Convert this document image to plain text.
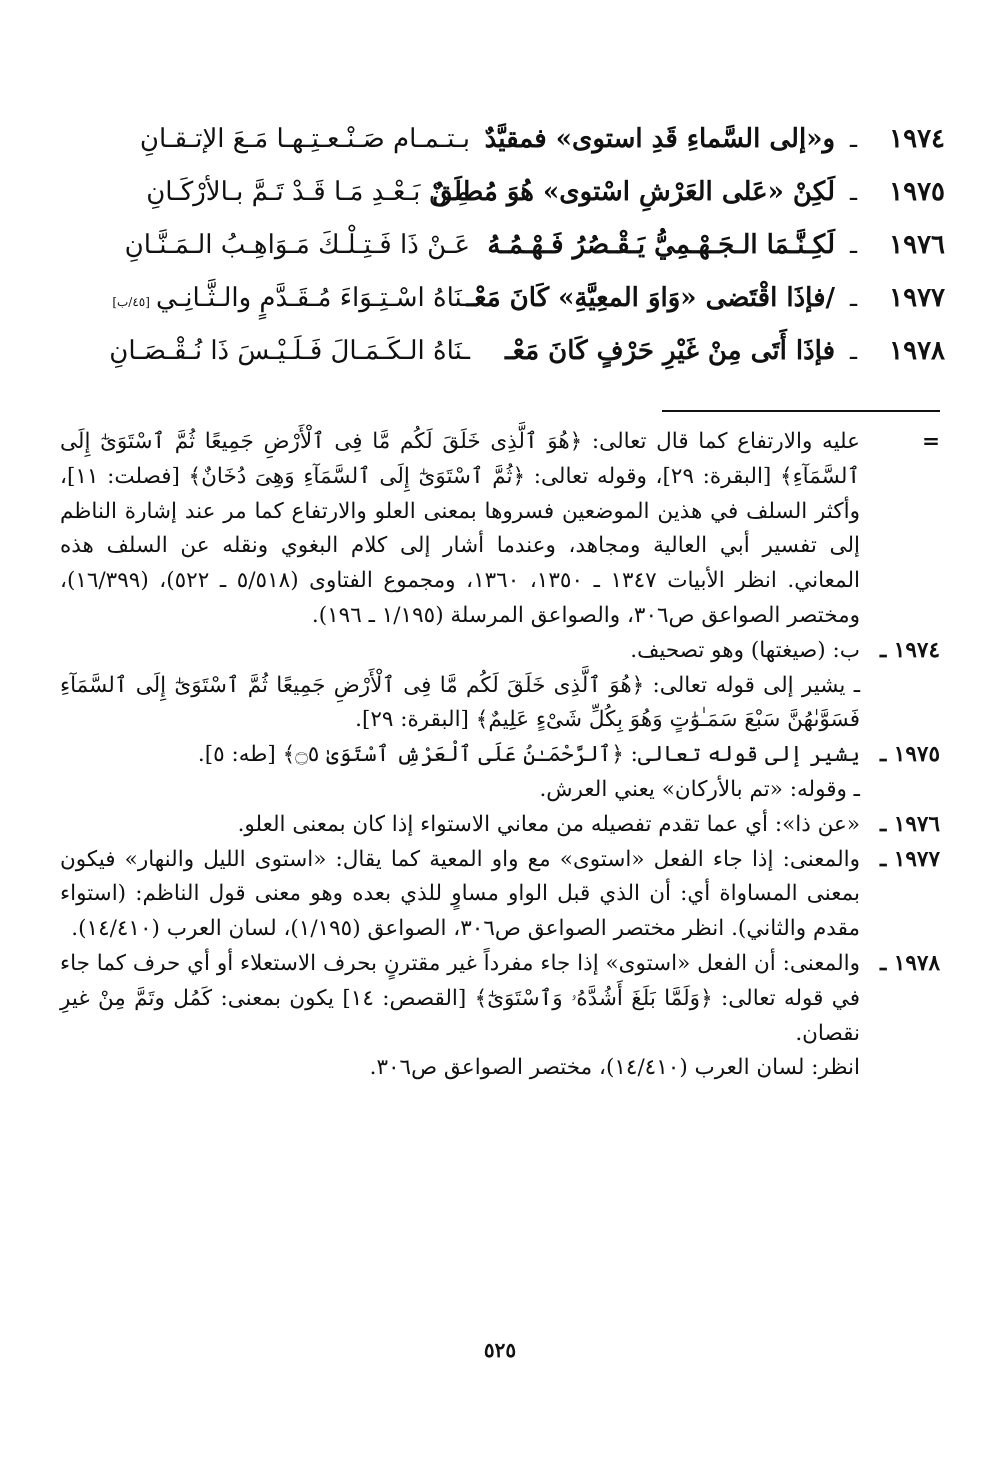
١٩٧٤
ـ
و«إلى السَّماءِ قَدِ استوى» فمقيَّدٌ
بـتـمـام صَـنْـعـتِـهـا مَـعَ الإتـقـانِ
١٩٧٥
ـ
لَكِنْ «عَلى العَرْشِ اسْتوى» هُوَ مُطلَقٌ
مِـنْ بَـعْـدِ مَـا قَـدْ تَـمَّ بـالأرْكَـانِ
١٩٧٦
ـ
لَكِـنَّـمَا الـجَـهْـمِيُّ يَـقْـصُرُ فَـهْـمُـهُ
عَـنْ ذَا فَـتِـلْـكَ مَـوَاهِـبُ الـمَـنَّـانِ
١٩٧٧
ـ
/فإذَا اقْتَضى «وَاوَ المعِيَّةِ» كَانَ مَعْـ
ـنَاهُ اسْـتِـوَاءَ مُـقَـدَّمٍ والـثَّـانِـي[٤٥/ب]
١٩٧٨
ـ
فإذَا أَتَى مِنْ غَيْرِ حَرْفٍ كَانَ مَعْـ
ـنَاهُ الـكَـمَـالَ فَـلَـيْـسَ ذَا نُـقْـصَـانِ
=
عليه والارتفاع كما قال تعالى: ﴿هُوَ ٱلَّذِى خَلَقَ لَكُم مَّا فِى ٱلْأَرْضِ جَمِيعًا ثُمَّ ٱسْتَوَىٰٓ إِلَى ٱلسَّمَآءِ﴾ [البقرة: ٢٩]، وقوله تعالى: ﴿ثُمَّ ٱسْتَوَىٰٓ إِلَى ٱلسَّمَآءِ وَهِىَ دُخَانٌ﴾ [فصلت: ١١]، وأكثر السلف في هذين الموضعين فسروها بمعنى العلو والارتفاع كما مر عند إشارة الناظم إلى تفسير أبي العالية ومجاهد، وعندما أشار إلى كلام البغوي ونقله عن السلف هذه المعاني. انظر الأبيات ١٣٤٧ ـ ١٣٥٠، ١٣٦٠، ومجموع الفتاوى (٥/٥١٨ ـ ٥٢٢)، (١٦/٣٩٩)، ومختصر الصواعق ص٣٠٦، والصواعق المرسلة (١/١٩٥ ـ ١٩٦).
١٩٧٤ ـ
ب: (صيغتها) وهو تصحيف.
ـ يشير إلى قوله تعالى: ﴿هُوَ ٱلَّذِى خَلَقَ لَكُم مَّا فِى ٱلْأَرْضِ جَمِيعًا ثُمَّ ٱسْتَوَىٰٓ إِلَى ٱلسَّمَآءِ فَسَوَّىٰهُنَّ سَبْعَ سَمَـٰوَٰتٍ وَهُوَ بِكُلِّ شَىْءٍ عَلِيمٌ﴾ [البقرة: ٢٩].
١٩٧٥ ـ
يشير إلى قوله تعالى: ﴿ٱلرَّحْمَـٰنُ عَلَى ٱلْعَرْشِ ٱسْتَوَىٰ ۝٥﴾ [طه: ٥].
ـ وقوله: «تم بالأركان» يعني العرش.
١٩٧٦ ـ
«عن ذا»: أي عما تقدم تفصيله من معاني الاستواء إذا كان بمعنى العلو.
١٩٧٧ ـ
والمعنى: إذا جاء الفعل «استوى» مع واو المعية كما يقال: «استوى الليل والنهار» فيكون بمعنى المساواة أي: أن الذي قبل الواو مساوٍ للذي بعده وهو معنى قول الناظم: (استواء مقدم والثاني). انظر مختصر الصواعق ص٣٠٦، الصواعق (١/١٩٥)، لسان العرب (١٤/٤١٠).
١٩٧٨ ـ
والمعنى: أن الفعل «استوى» إذا جاء مفرداً غير مقترنٍ بحرف الاستعلاء أو أي حرف كما جاء في قوله تعالى: ﴿وَلَمَّا بَلَغَ أَشُدَّهُۥ وَٱسْتَوَىٰٓ﴾ [القصص: ١٤] يكون بمعنى: كَمُل وتَمَّ مِنْ غيرِ نقصان.
انظر: لسان العرب (١٤/٤١٠)، مختصر الصواعق ص٣٠٦.
٥٢٥
